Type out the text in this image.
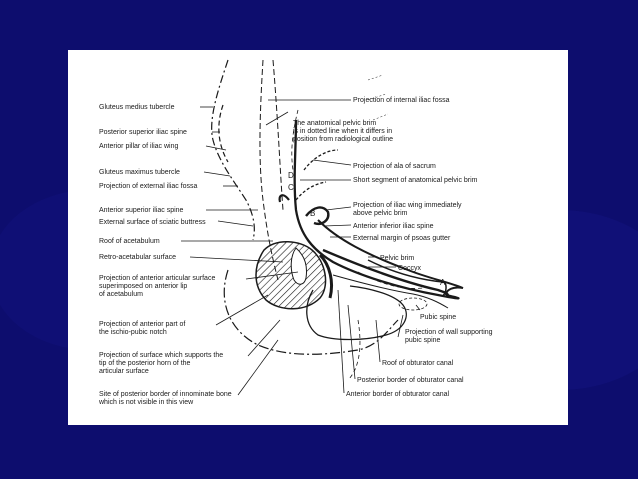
Gluteus medius tubercle
Posterior superior iliac spine
Anterior pillar of iliac wing
Gluteus maximus tubercle
Projection of external iliac fossa
Anterior superior iliac spine
External surface of sciatic buttress
Roof of acetabulum
Retro-acetabular surface
Projection of anterior articular surface superimposed on anterior lip of acetabulum
Projection of anterior part of the ischio-pubic notch
Projection of surface which supports the tip of the posterior horn of the articular surface
Site of posterior border of innominate bone which is not visible in this view
Projection of internal iliac fossa
The anatomical pelvic brim is in dotted line when it differs in position from radiological outline
Projection of ala of sacrum
Short segment of anatomical pelvic brim
Projection of iliac wing immediately above pelvic brim
Anterior inferior iliac spine
External margin of psoas gutter
Pelvic brim
Coccyx
Pubic spine
Projection of wall supporting pubic spine
Roof of obturator canal
Posterior border of obturator canal
Anterior border of obturator canal
A
B
C
D
